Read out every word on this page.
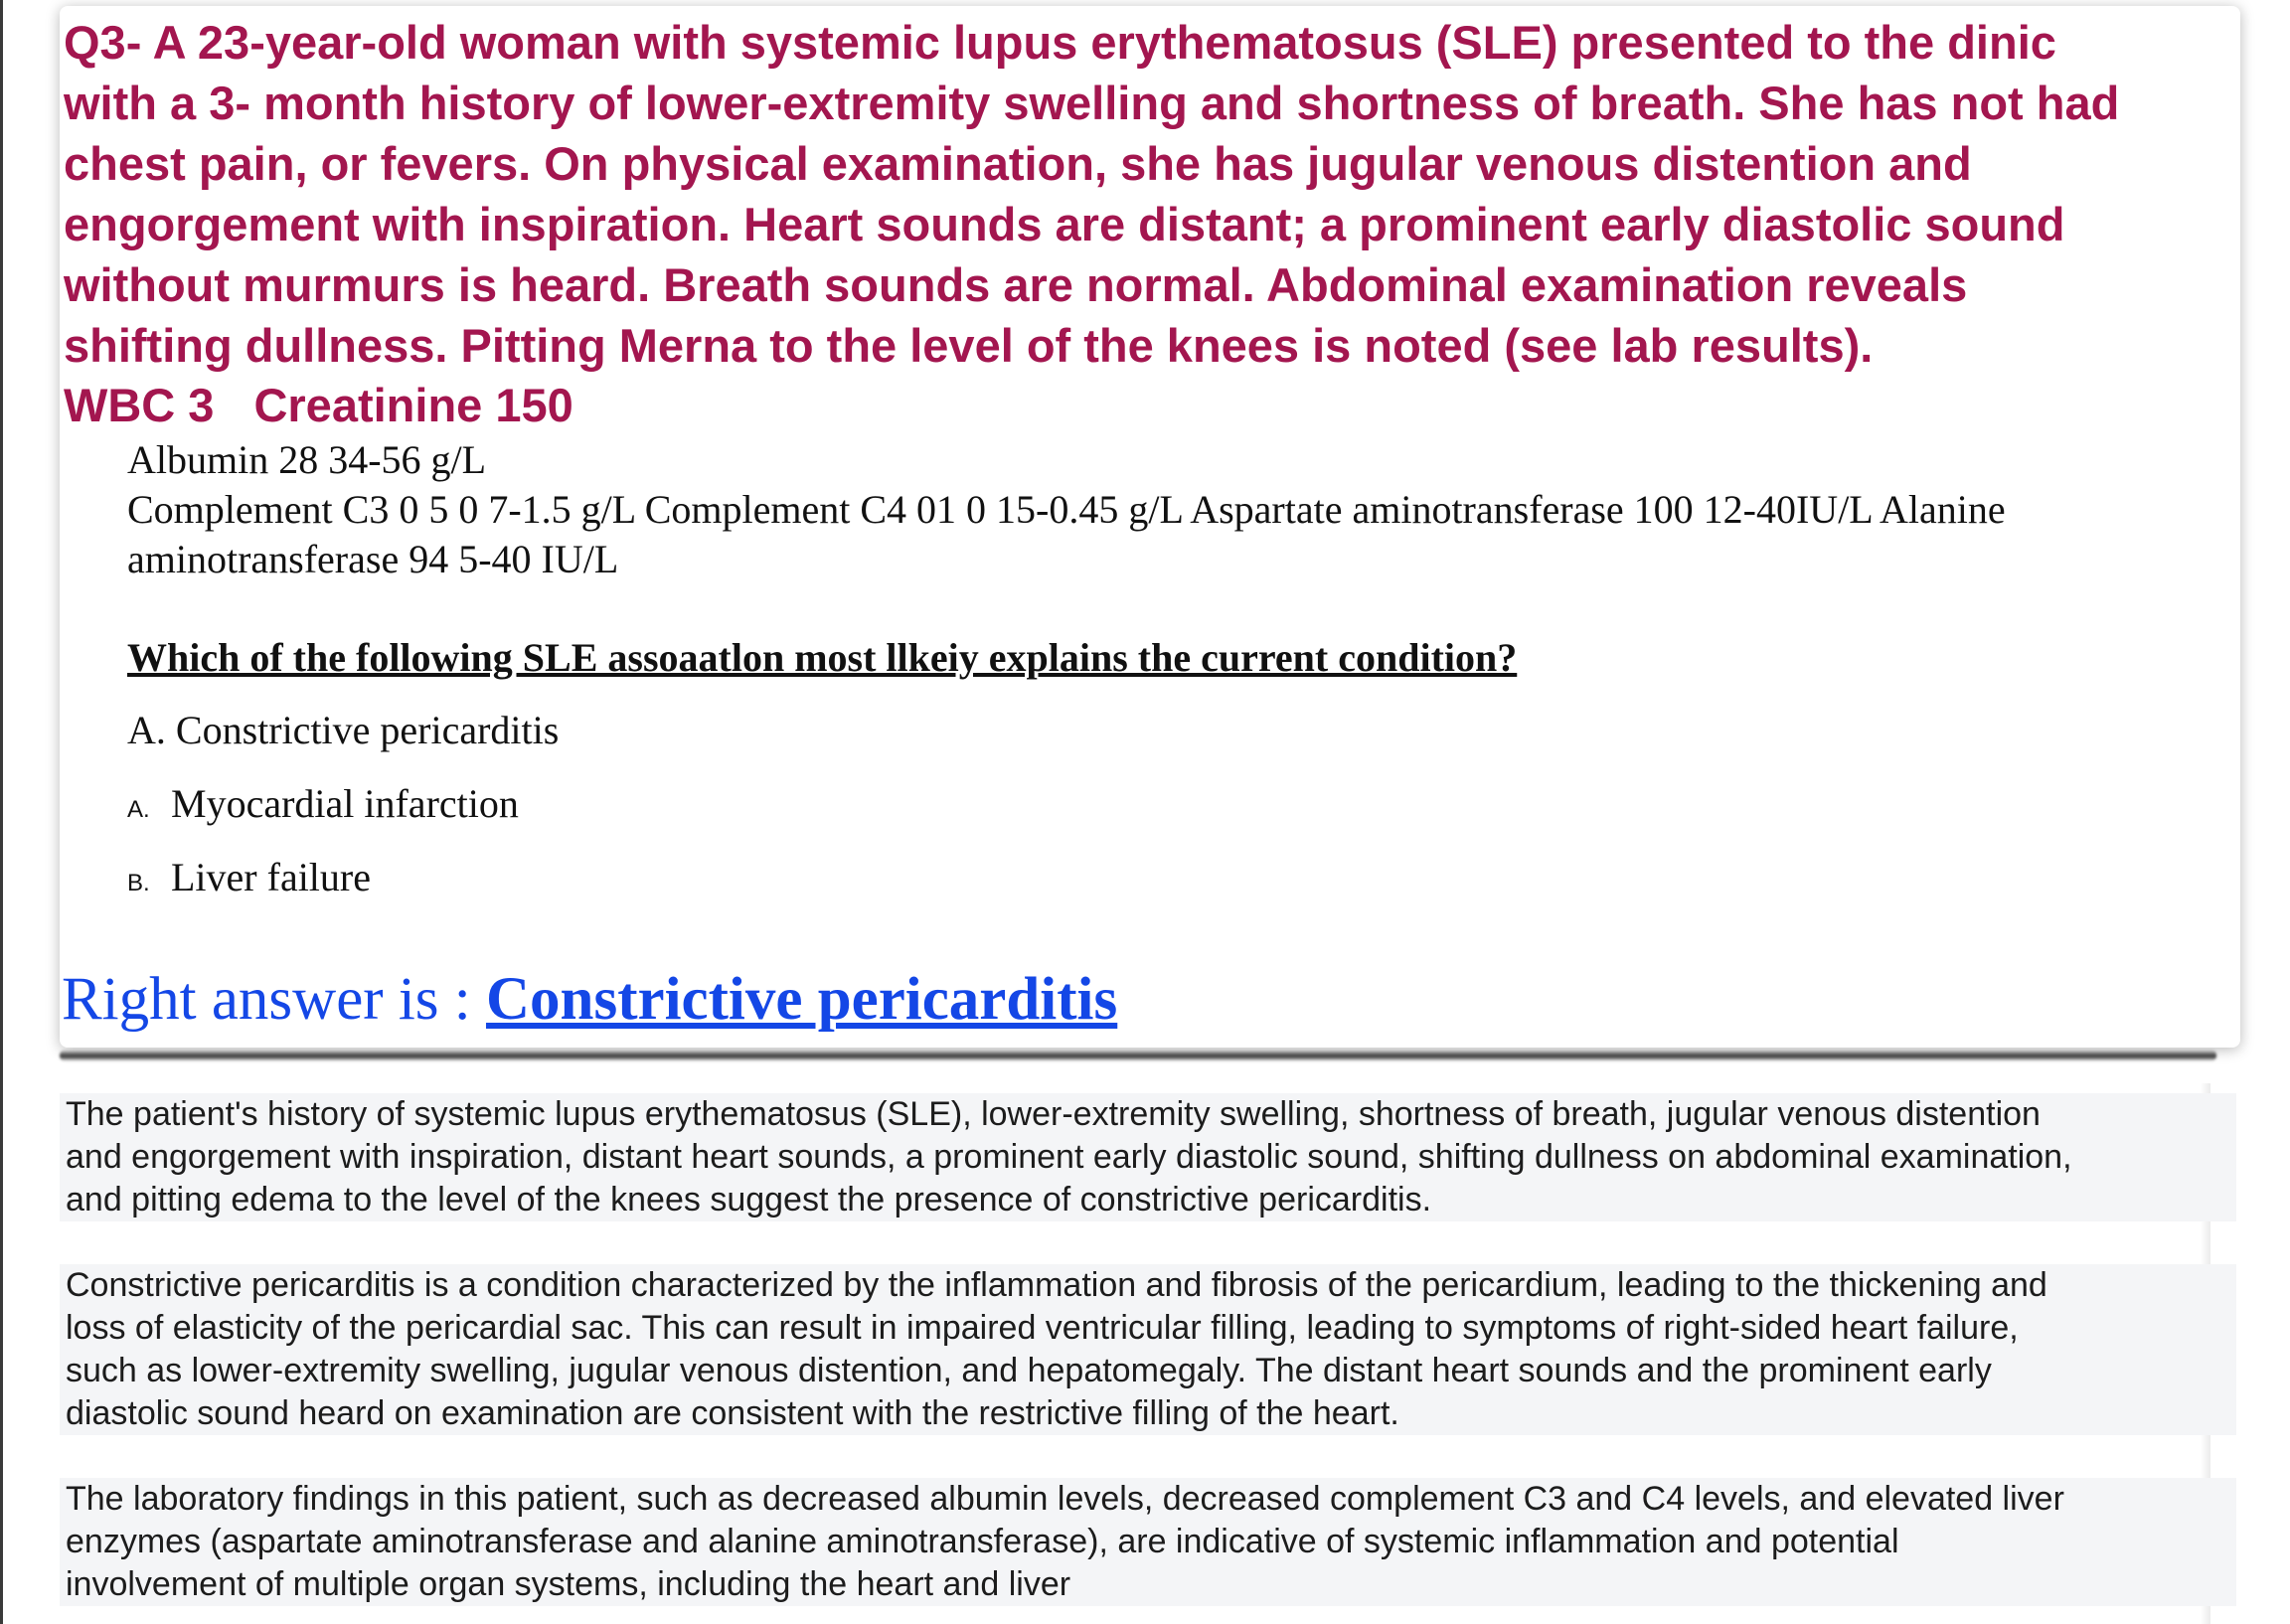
Q3- A 23-year-old woman with systemic lupus erythematosus (SLE) presented to the dinic

with a 3- month history of lower-extremity swelling and shortness of breath. She has not had

chest pain, or fevers. On physical examination, she has jugular venous distention and

engorgement with inspiration. Heart sounds are distant; a prominent early diastolic sound

without murmurs is heard. Breath sounds are normal. Abdominal examination reveals

shifting dullness. Pitting Merna to the level of the knees is noted (see lab results).

WBC 3 Creatinine 150

Albumin 28 34-56 g/L

Complement C3 0 5 0 7-1.5 g/L Complement C4 01 0 15-0.45 g/L Aspartate aminotransferase 100 12-40IU/L Alanine

aminotransferase 94 5-40 IU/L

Which of the following SLE assoaatlon most llkeiy explains the current condition?
A. Constrictive pericarditis
A. Myocardial infarction
B. Liver failure
Right answer is : Constrictive pericarditis

The patient's history of systemic lupus erythematosus (SLE), lower-extremity swelling, shortness of breath, jugular venous distention
and engorgement with inspiration, distant heart sounds, a prominent early diastolic sound, shifting dullness on abdominal examination,
and pitting edema to the level of the knees suggest the presence of constrictive pericarditis.

Constrictive pericarditis is a condition characterized by the inflammation and fibrosis of the pericardium, leading to the thickening and
loss of elasticity of the pericardial sac. This can result in impaired ventricular filling, leading to symptoms of right-sided heart failure,
such as lower-extremity swelling, jugular venous distention, and hepatomegaly. The distant heart sounds and the prominent early
diastolic sound heard on examination are consistent with the restrictive filling of the heart.

The laboratory findings in this patient, such as decreased albumin levels, decreased complement C3 and C4 levels, and elevated liver
enzymes (aspartate aminotransferase and alanine aminotransferase), are indicative of systemic inflammation and potential
involvement of multiple organ systems, including the heart and liver
